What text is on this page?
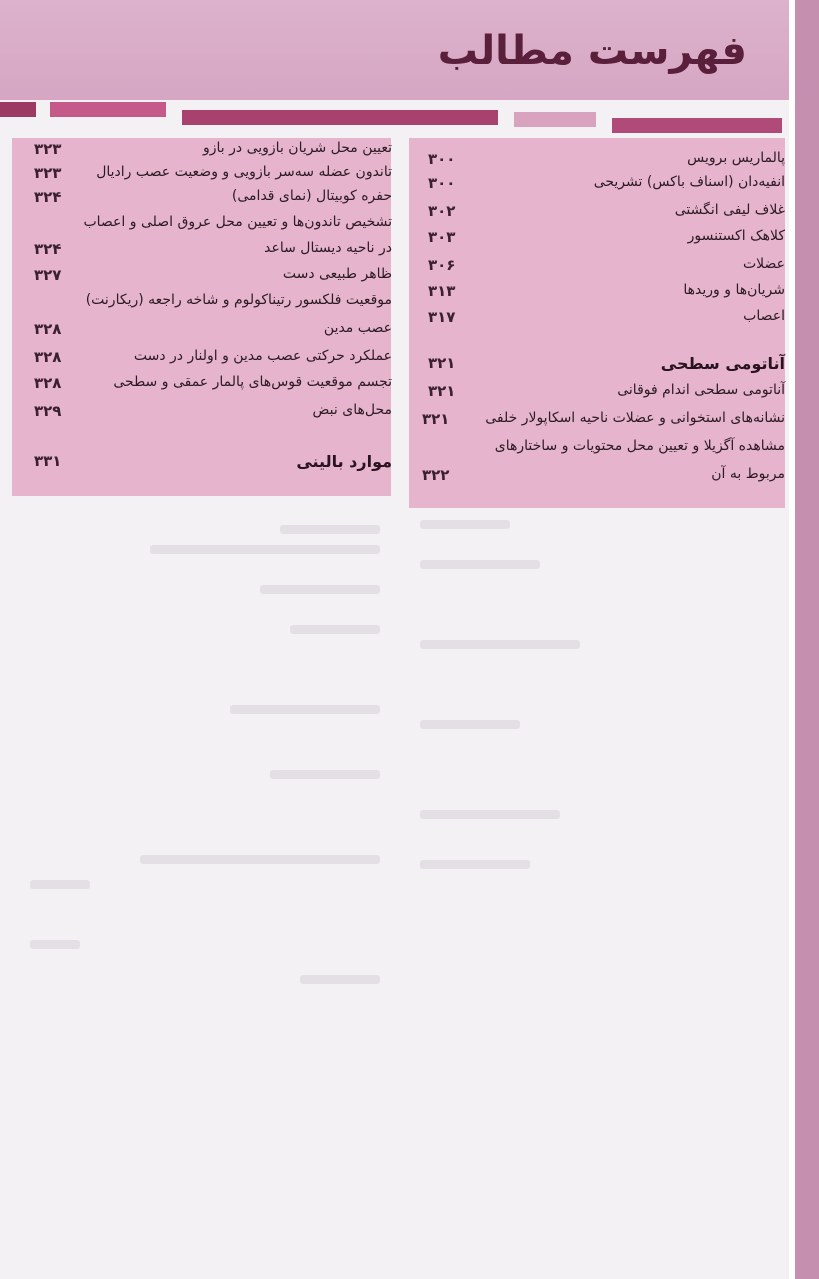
فهرست مطالب
پالماریس برویس
۳۰۰
انفیه‌دان (اسناف باکس) تشریحی
۳۰۰
غلاف لیفی انگشتی
۳۰۲
کلاهک اکستنسور
۳۰۳
عضلات
۳۰۶
شریان‌ها و وریدها
۳۱۳
اعصاب
۳۱۷
آناتومی سطحی
۳۲۱
آناتومی سطحی اندام فوقانی
۳۲۱
نشانه‌های استخوانی و عضلات ناحیه اسکاپولار خلفی
۳۲۱
مشاهده آگزیلا و تعیین محل محتویات و ساختارهای
مربوط به آن
۳۲۲
تعیین محل شریان بازویی در بازو
۳۲۳
تاندون عضله سه‌سر بازویی و وضعیت عصب رادیال
۳۲۳
حفره کوبیتال (نمای قدامی)
۳۲۴
تشخیص تاندون‌ها و تعیین محل عروق اصلی و اعصاب
در ناحیه دیستال ساعد
۳۲۴
ظاهر طبیعی دست
۳۲۷
موقعیت فلکسور رتیناکولوم و شاخه راجعه (ریکارنت)
عصب مدین
۳۲۸
عملکرد حرکتی عصب مدین و اولنار در دست
۳۲۸
تجسم موقعیت قوس‌های پالمار عمقی و سطحی
۳۲۸
محل‌های نبض
۳۲۹
موارد بالینی
۳۳۱
